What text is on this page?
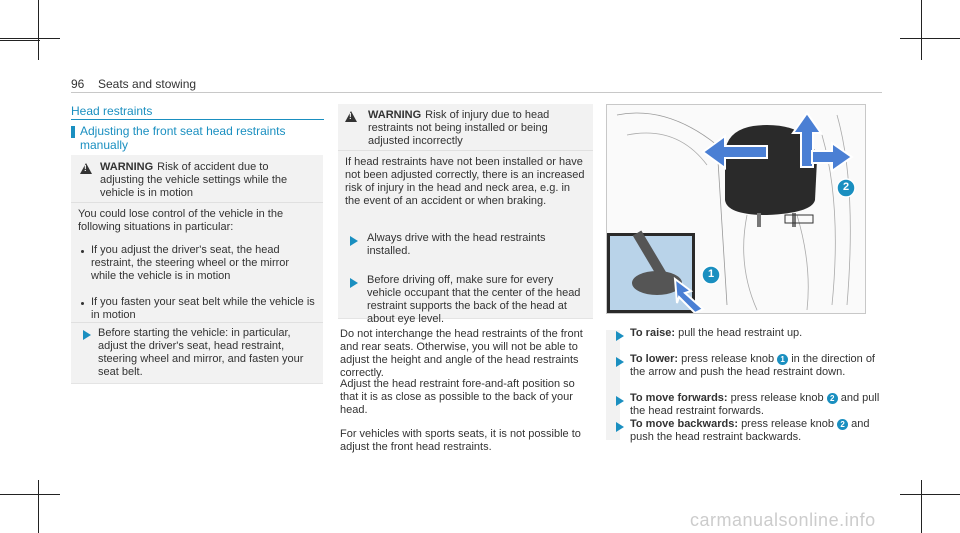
96 Seats and stowing
Head restraints
Adjusting the front seat head restraints manually
!
WARNING Risk of accident due to adjusting the vehicle settings while the vehicle is in motion
You could lose control of the vehicle in the following situations in particular:
If you adjust the driver's seat, the head restraint, the steering wheel or the mirror while the vehicle is in motion
If you fasten your seat belt while the vehicle is in motion
Before starting the vehicle: in particular, adjust the driver's seat, head restraint, steering wheel and mirror, and fasten your seat belt.
!
WARNING Risk of injury due to head restraints not being installed or being adjusted incorrectly
If head restraints have not been installed or have not been adjusted correctly, there is an increased risk of injury in the head and neck area, e.g. in the event of an accident or when braking.
Always drive with the head restraints installed.
Before driving off, make sure for every vehicle occupant that the center of the head restraint supports the back of the head at about eye level.
Do not interchange the head restraints of the front and rear seats. Otherwise, you will not be able to adjust the height and angle of the head restraints correctly.
Adjust the head restraint fore-and-aft position so that it is as close as possible to the back of your head.
For vehicles with sports seats, it is not possible to adjust the front head restraints.
2
1
To raise: pull the head restraint up.
To lower: press release knob 1 in the direction of the arrow and push the head restraint down.
To move forwards: press release knob 2 and pull the head restraint forwards.
To move backwards: press release knob 2 and push the head restraint backwards.
carmanualsonline.info
